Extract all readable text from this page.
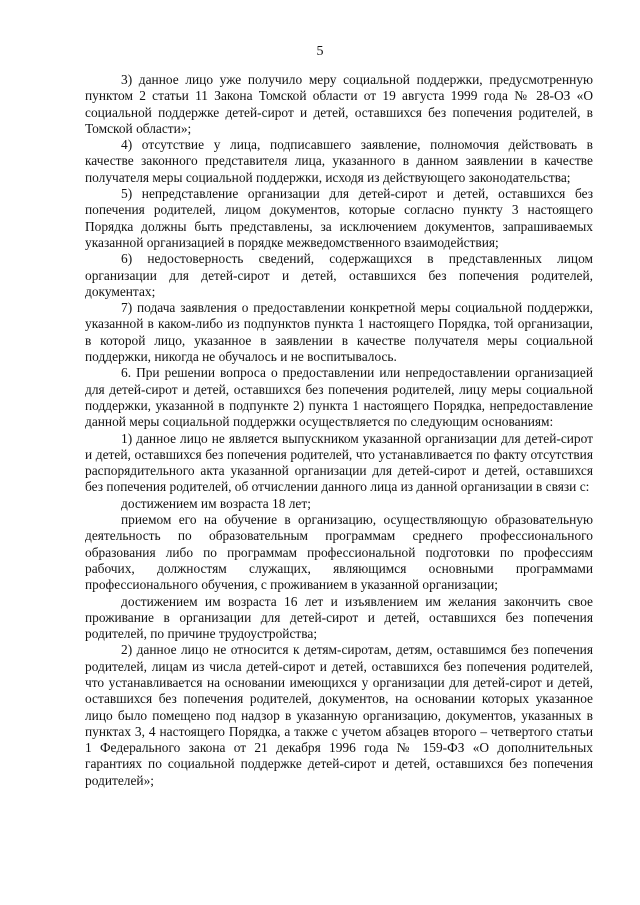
5

3) данное лицо уже получило меру социальной поддержки, предусмотренную пунктом 2 статьи 11 Закона Томской области от 19 августа 1999 года № 28-ОЗ «О социальной поддержке детей-сирот и детей, оставшихся без попечения родителей, в Томской области»;

4) отсутствие у лица, подписавшего заявление, полномочия действовать в качестве законного представителя лица, указанного в данном заявлении в качестве получателя меры социальной поддержки, исходя из действующего законодательства;

5) непредставление организации для детей-сирот и детей, оставшихся без попечения родителей, лицом документов, которые согласно пункту 3 настоящего Порядка должны быть представлены, за исключением документов, запрашиваемых указанной организацией в порядке межведомственного взаимодействия;

6) недостоверность сведений, содержащихся в представленных лицом организации для детей-сирот и детей, оставшихся без попечения родителей, документах;

7) подача заявления о предоставлении конкретной меры социальной поддержки, указанной в каком-либо из подпунктов пункта 1 настоящего Порядка, той организации, в которой лицо, указанное в заявлении в качестве получателя меры социальной поддержки, никогда не обучалось и не воспитывалось.

6. При решении вопроса о предоставлении или непредоставлении организацией для детей-сирот и детей, оставшихся без попечения родителей, лицу меры социальной поддержки, указанной в подпункте 2) пункта 1 настоящего Порядка, непредоставление данной меры социальной поддержки осуществляется по следующим основаниям:

1) данное лицо не является выпускником указанной организации для детей-сирот и детей, оставшихся без попечения родителей, что устанавливается по факту отсутствия распорядительного акта указанной организации для детей-сирот и детей, оставшихся без попечения родителей, об отчислении данного лица из данной организации в связи с:

достижением им возраста 18 лет;

приемом его на обучение в организацию, осуществляющую образовательную деятельность по образовательным программам среднего профессионального образования либо по программам профессиональной подготовки по профессиям рабочих, должностям служащих, являющимся основными программами профессионального обучения, с проживанием в указанной организации;

достижением им возраста 16 лет и изъявлением им желания закончить свое проживание в организации для детей-сирот и детей, оставшихся без попечения родителей, по причине трудоустройства;

2) данное лицо не относится к детям-сиротам, детям, оставшимся без попечения родителей, лицам из числа детей-сирот и детей, оставшихся без попечения родителей, что устанавливается на основании имеющихся у организации для детей-сирот и детей, оставшихся без попечения родителей, документов, на основании которых указанное лицо было помещено под надзор в указанную организацию, документов, указанных в пунктах 3, 4 настоящего Порядка, а также с учетом абзацев второго – четвертого статьи 1 Федерального закона от 21 декабря 1996 года № 159-ФЗ «О дополнительных гарантиях по социальной поддержке детей-сирот и детей, оставшихся без попечения родителей»;
